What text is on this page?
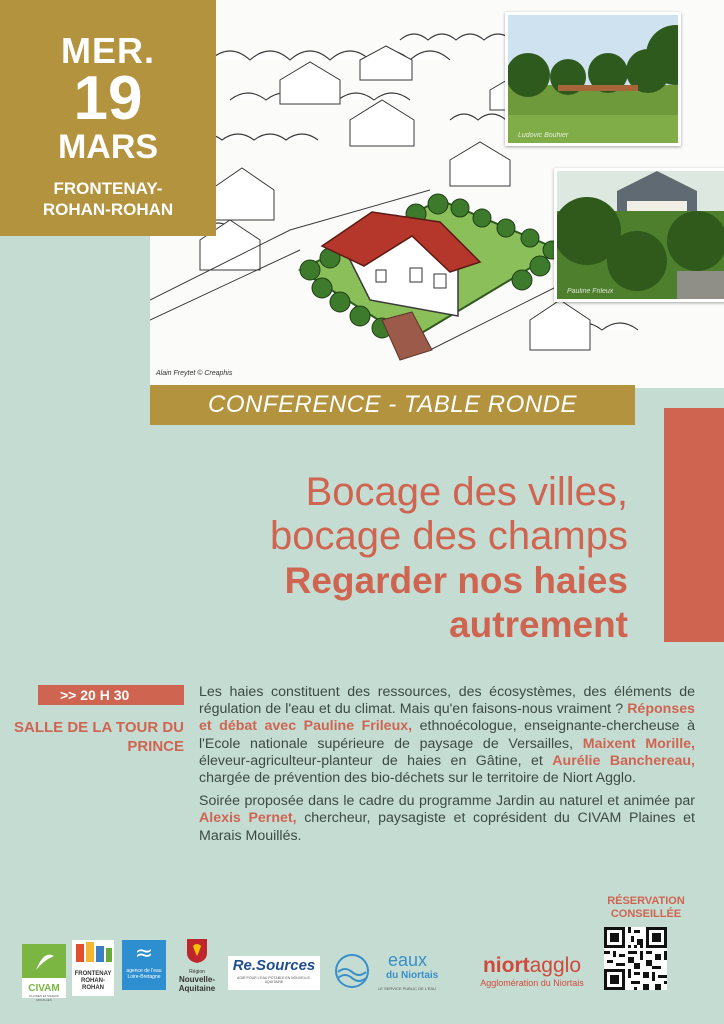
Ludovic Bouhier
Pauline Frileux
Alain Freytet © Creaphis
MER.
19
MARS
FRONTENAY-
ROHAN-ROHAN
CONFERENCE - TABLE RONDE
Bocage des villes,
bocage des champs
Regarder nos haies
autrement
>> 20 H 30
SALLE DE LA TOUR DU PRINCE

Les haies constituent des ressources, des écosystèmes, des éléments de régulation de l'eau et du climat. Mais qu'en faisons-nous vraiment ? Réponses et débat avec Pauline Frileux, ethnoécologue, enseignante-chercheuse à l'Ecole nationale supérieure de paysage de Versailles, Maixent Morille, éleveur-agriculteur-planteur de haies en Gâtine, et Aurélie Banchereau, chargée de prévention des bio-déchets sur le territoire de Niort Agglo.

Soirée proposée dans le cadre du programme Jardin au naturel et animée par Alexis Pernet, chercheur, paysagiste et coprésident du CIVAM Plaines et Marais Mouillés.

RÉSERVATION
CONSEILLÉE
CIVAM
PLAINES ET MARAIS MOUILLÉS
FRONTENAY ROHAN-ROHAN
≈
agence de l'eau Loire-Bretagne
Région
Nouvelle-Aquitaine
Re.Sources
AGIR POUR L'EAU POTABLE EN NOUVELLE-AQUITAINE
eaux
du Niortais
LE SERVICE PUBLIC DE L'EAU
niortagglo
Agglomération du Niortais
